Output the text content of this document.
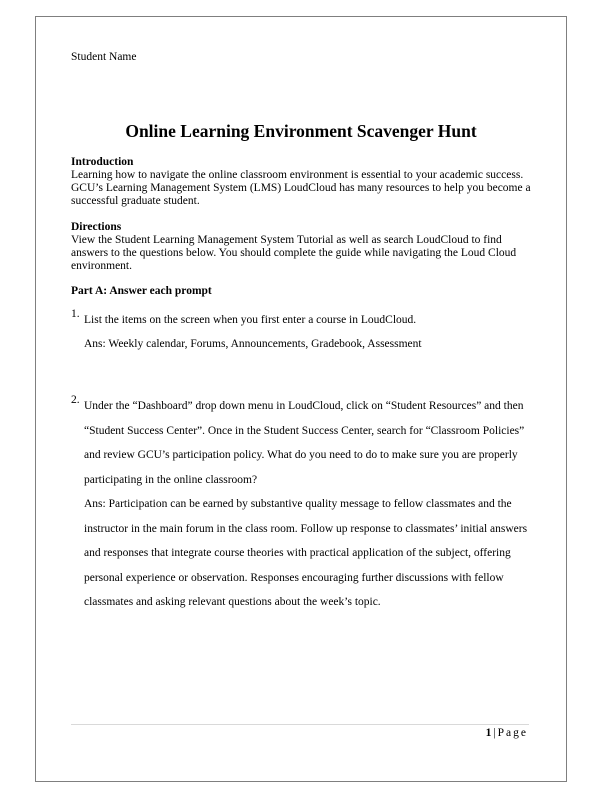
Student Name

Online Learning Environment Scavenger Hunt

Introduction

Learning how to navigate the online classroom environment is essential to your academic success. GCU’s Learning Management System (LMS) LoudCloud has many resources to help you become a successful graduate student.

Directions

View the Student Learning Management System Tutorial as well as search LoudCloud to find answers to the questions below. You should complete the guide while navigating the Loud Cloud environment.

Part A: Answer each prompt

1. List the items on the screen when you first enter a course in LoudCloud.

Ans: Weekly calendar, Forums, Announcements, Gradebook, Assessment

2. Under the “Dashboard” drop down menu in LoudCloud, click on “Student Resources” and then “Student Success Center”. Once in the Student Success Center, search for “Classroom Policies” and review GCU’s participation policy. What do you need to do to make sure you are properly participating in the online classroom?

Ans: Participation can be earned by substantive quality message to fellow classmates and the instructor in the main forum in the class room. Follow up response to classmates’ initial answers and responses that integrate course theories with practical application of the subject, offering personal experience or observation. Responses encouraging further discussions with fellow classmates and asking relevant questions about the week’s topic.

1 | Page
